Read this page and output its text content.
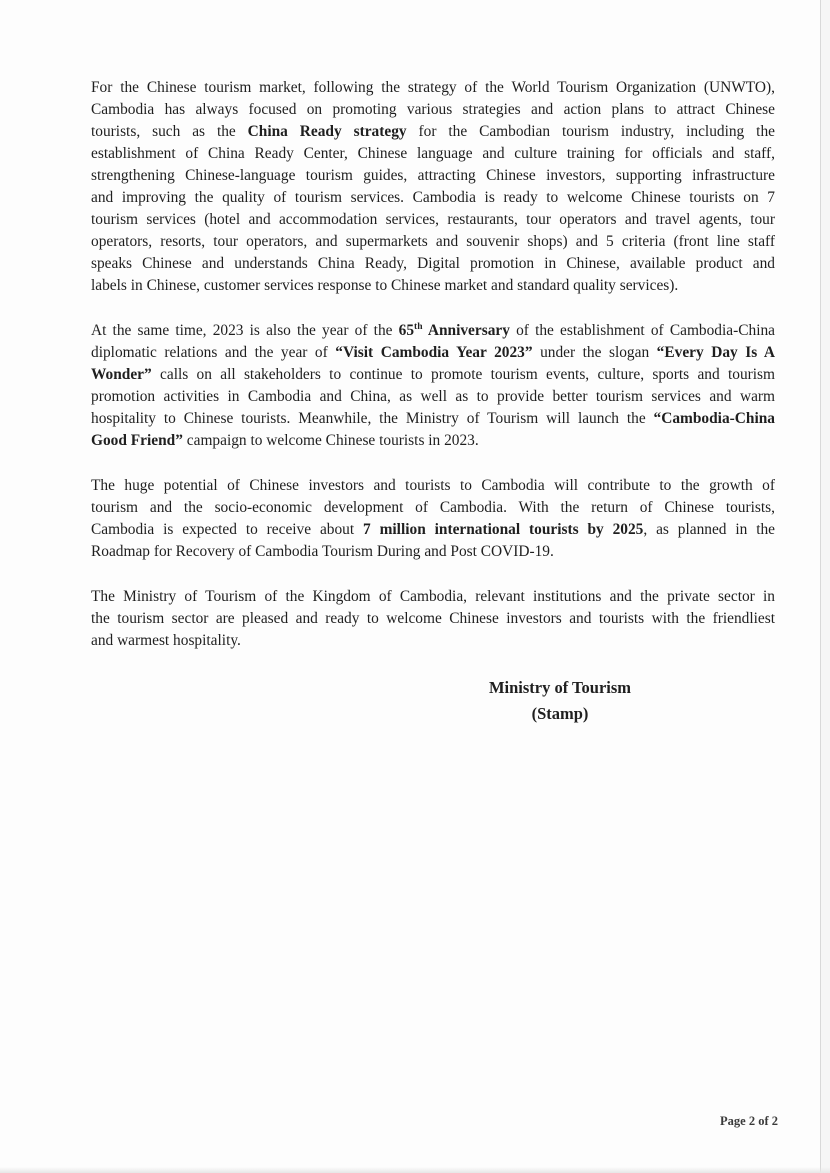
For the Chinese tourism market, following the strategy of the World Tourism Organization (UNWTO),
Cambodia has always focused on promoting various strategies and action plans to attract Chinese
tourists, such as the China Ready strategy for the Cambodian tourism industry, including the
establishment of China Ready Center, Chinese language and culture training for officials and staff,
strengthening Chinese-language tourism guides, attracting Chinese investors, supporting infrastructure
and improving the quality of tourism services. Cambodia is ready to welcome Chinese tourists on 7
tourism services (hotel and accommodation services, restaurants, tour operators and travel agents, tour
operators, resorts, tour operators, and supermarkets and souvenir shops) and 5 criteria (front line staff
speaks Chinese and understands China Ready, Digital promotion in Chinese, available product and
labels in Chinese, customer services response to Chinese market and standard quality services).
At the same time, 2023 is also the year of the 65th Anniversary of the establishment of Cambodia-China
diplomatic relations and the year of “Visit Cambodia Year 2023” under the slogan “Every Day Is A
Wonder” calls on all stakeholders to continue to promote tourism events, culture, sports and tourism
promotion activities in Cambodia and China, as well as to provide better tourism services and warm
hospitality to Chinese tourists. Meanwhile, the Ministry of Tourism will launch the “Cambodia-China
Good Friend” campaign to welcome Chinese tourists in 2023.
The huge potential of Chinese investors and tourists to Cambodia will contribute to the growth of
tourism and the socio-economic development of Cambodia. With the return of Chinese tourists,
Cambodia is expected to receive about 7 million international tourists by 2025, as planned in the
Roadmap for Recovery of Cambodia Tourism During and Post COVID-19.
The Ministry of Tourism of the Kingdom of Cambodia, relevant institutions and the private sector in
the tourism sector are pleased and ready to welcome Chinese investors and tourists with the friendliest
and warmest hospitality.
Ministry of Tourism
(Stamp)
Page 2 of 2
